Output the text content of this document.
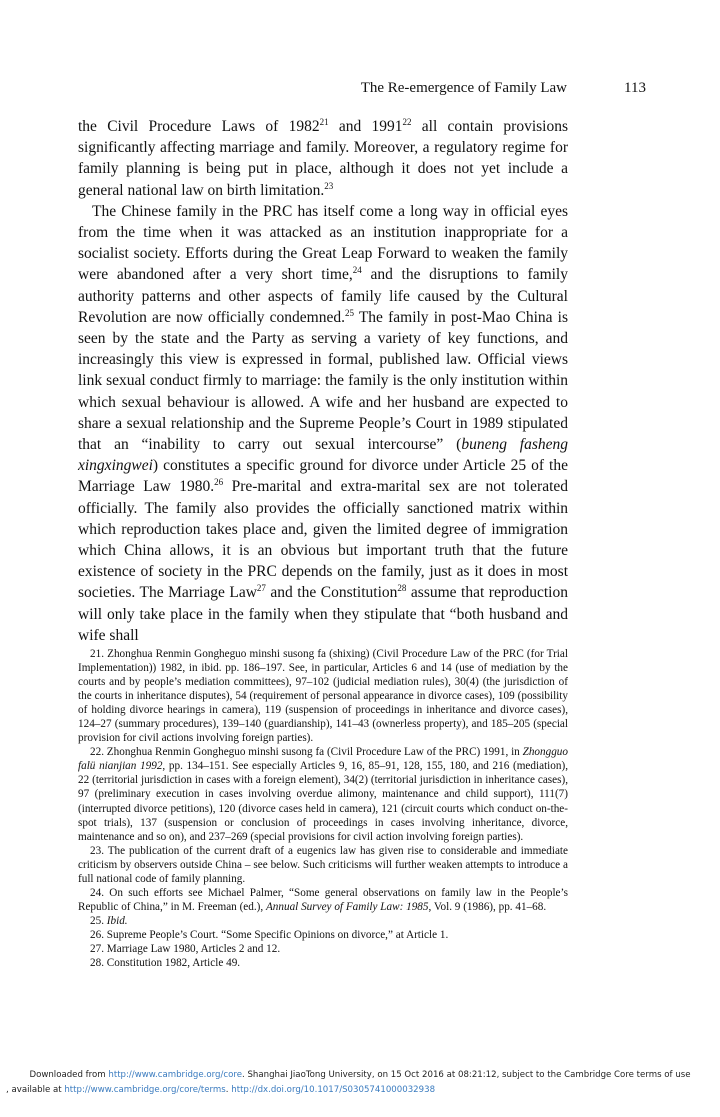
The Re-emergence of Family Law	113

the Civil Procedure Laws of 1982$^{21}$ and 1991$^{22}$ all contain provisions significantly affecting marriage and family. Moreover, a regulatory regime for family planning is being put in place, although it does not yet include a general national law on birth limitation.$^{23}$

The Chinese family in the PRC has itself come a long way in official eyes from the time when it was attacked as an institution inappropriate for a socialist society. Efforts during the Great Leap Forward to weaken the family were abandoned after a very short time,$^{24}$ and the disruptions to family authority patterns and other aspects of family life caused by the Cultural Revolution are now officially condemned.$^{25}$ The family in post-Mao China is seen by the state and the Party as serving a variety of key functions, and increasingly this view is expressed in formal, published law. Official views link sexual conduct firmly to marriage: the family is the only institution within which sexual behaviour is allowed. A wife and her husband are expected to share a sexual relationship and the Supreme People’s Court in 1989 stipulated that an “inability to carry out sexual intercourse” (buneng fasheng xingxingwei) constitutes a specific ground for divorce under Article 25 of the Marriage Law 1980.26 Pre-marital and extra-marital sex are not tolerated officially. The family also provides the officially sanctioned matrix within which reproduction takes place and, given the limited degree of immigration which China allows, it is an obvious but important truth that the future existence of society in the PRC depends on the family, just as it does in most societies. The Marriage Law$^{27}$ and the Constitution$^{28}$ assume that reproduction will only take place in the family when they stipulate that “both husband and wife shall

21. Zhonghua Renmin Gongheguo minshi susong fa (shixing) (Civil Procedure Law of the PRC (for Trial Implementation)) 1982, in ibid. pp. 186–197. See, in particular, Articles 6 and 14 (use of mediation by the courts and by people’s mediation committees), 97–102 (judicial mediation rules), 30(4) (the jurisdiction of the courts in inheritance disputes), 54 (requirement of personal appearance in divorce cases), 109 (possibility of holding divorce hearings in camera), 119 (suspension of proceedings in inheritance and divorce cases), 124–27 (summary procedures), 139–140 (guardianship), 141–43 (ownerless property), and 185–205 (special provision for civil actions involving foreign parties).

22. Zhonghua Renmin Gongheguo minshi susong fa (Civil Procedure Law of the PRC) 1991, in Zhongguo falü nianjian 1992, pp. 134–151. See especially Articles 9, 16, 85–91, 128, 155, 180, and 216 (mediation), 22 (territorial jurisdiction in cases with a foreign element), 34(2) (territorial jurisdiction in inheritance cases), 97 (preliminary execution in cases involving overdue alimony, maintenance and child support), 111(7) (interrupted divorce petitions), 120 (divorce cases held in camera), 121 (circuit courts which conduct on-the-spot trials), 137 (suspension or conclusion of proceedings in cases involving inheritance, divorce, maintenance and so on), and 237–269 (special provisions for civil action involving foreign parties).

23. The publication of the current draft of a eugenics law has given rise to considerable and immediate criticism by observers outside China – see below. Such criticisms will further weaken attempts to introduce a full national code of family planning.

24. On such efforts see Michael Palmer, “Some general observations on family law in the People’s Republic of China,” in M. Freeman (ed.), Annual Survey of Family Law: 1985, Vol. 9 (1986), pp. 41–68.

25. Ibid.

26. Supreme People’s Court. “Some Specific Opinions on divorce,” at Article 1.

27. Marriage Law 1980, Articles 2 and 12.

28. Constitution 1982, Article 49.

Downloaded from http://www.cambridge.org/core. Shanghai JiaoTong University, on 15 Oct 2016 at 08:21:12, subject to the Cambridge Core terms of use
, available at http://www.cambridge.org/core/terms. http://dx.doi.org/10.1017/S0305741000032938
